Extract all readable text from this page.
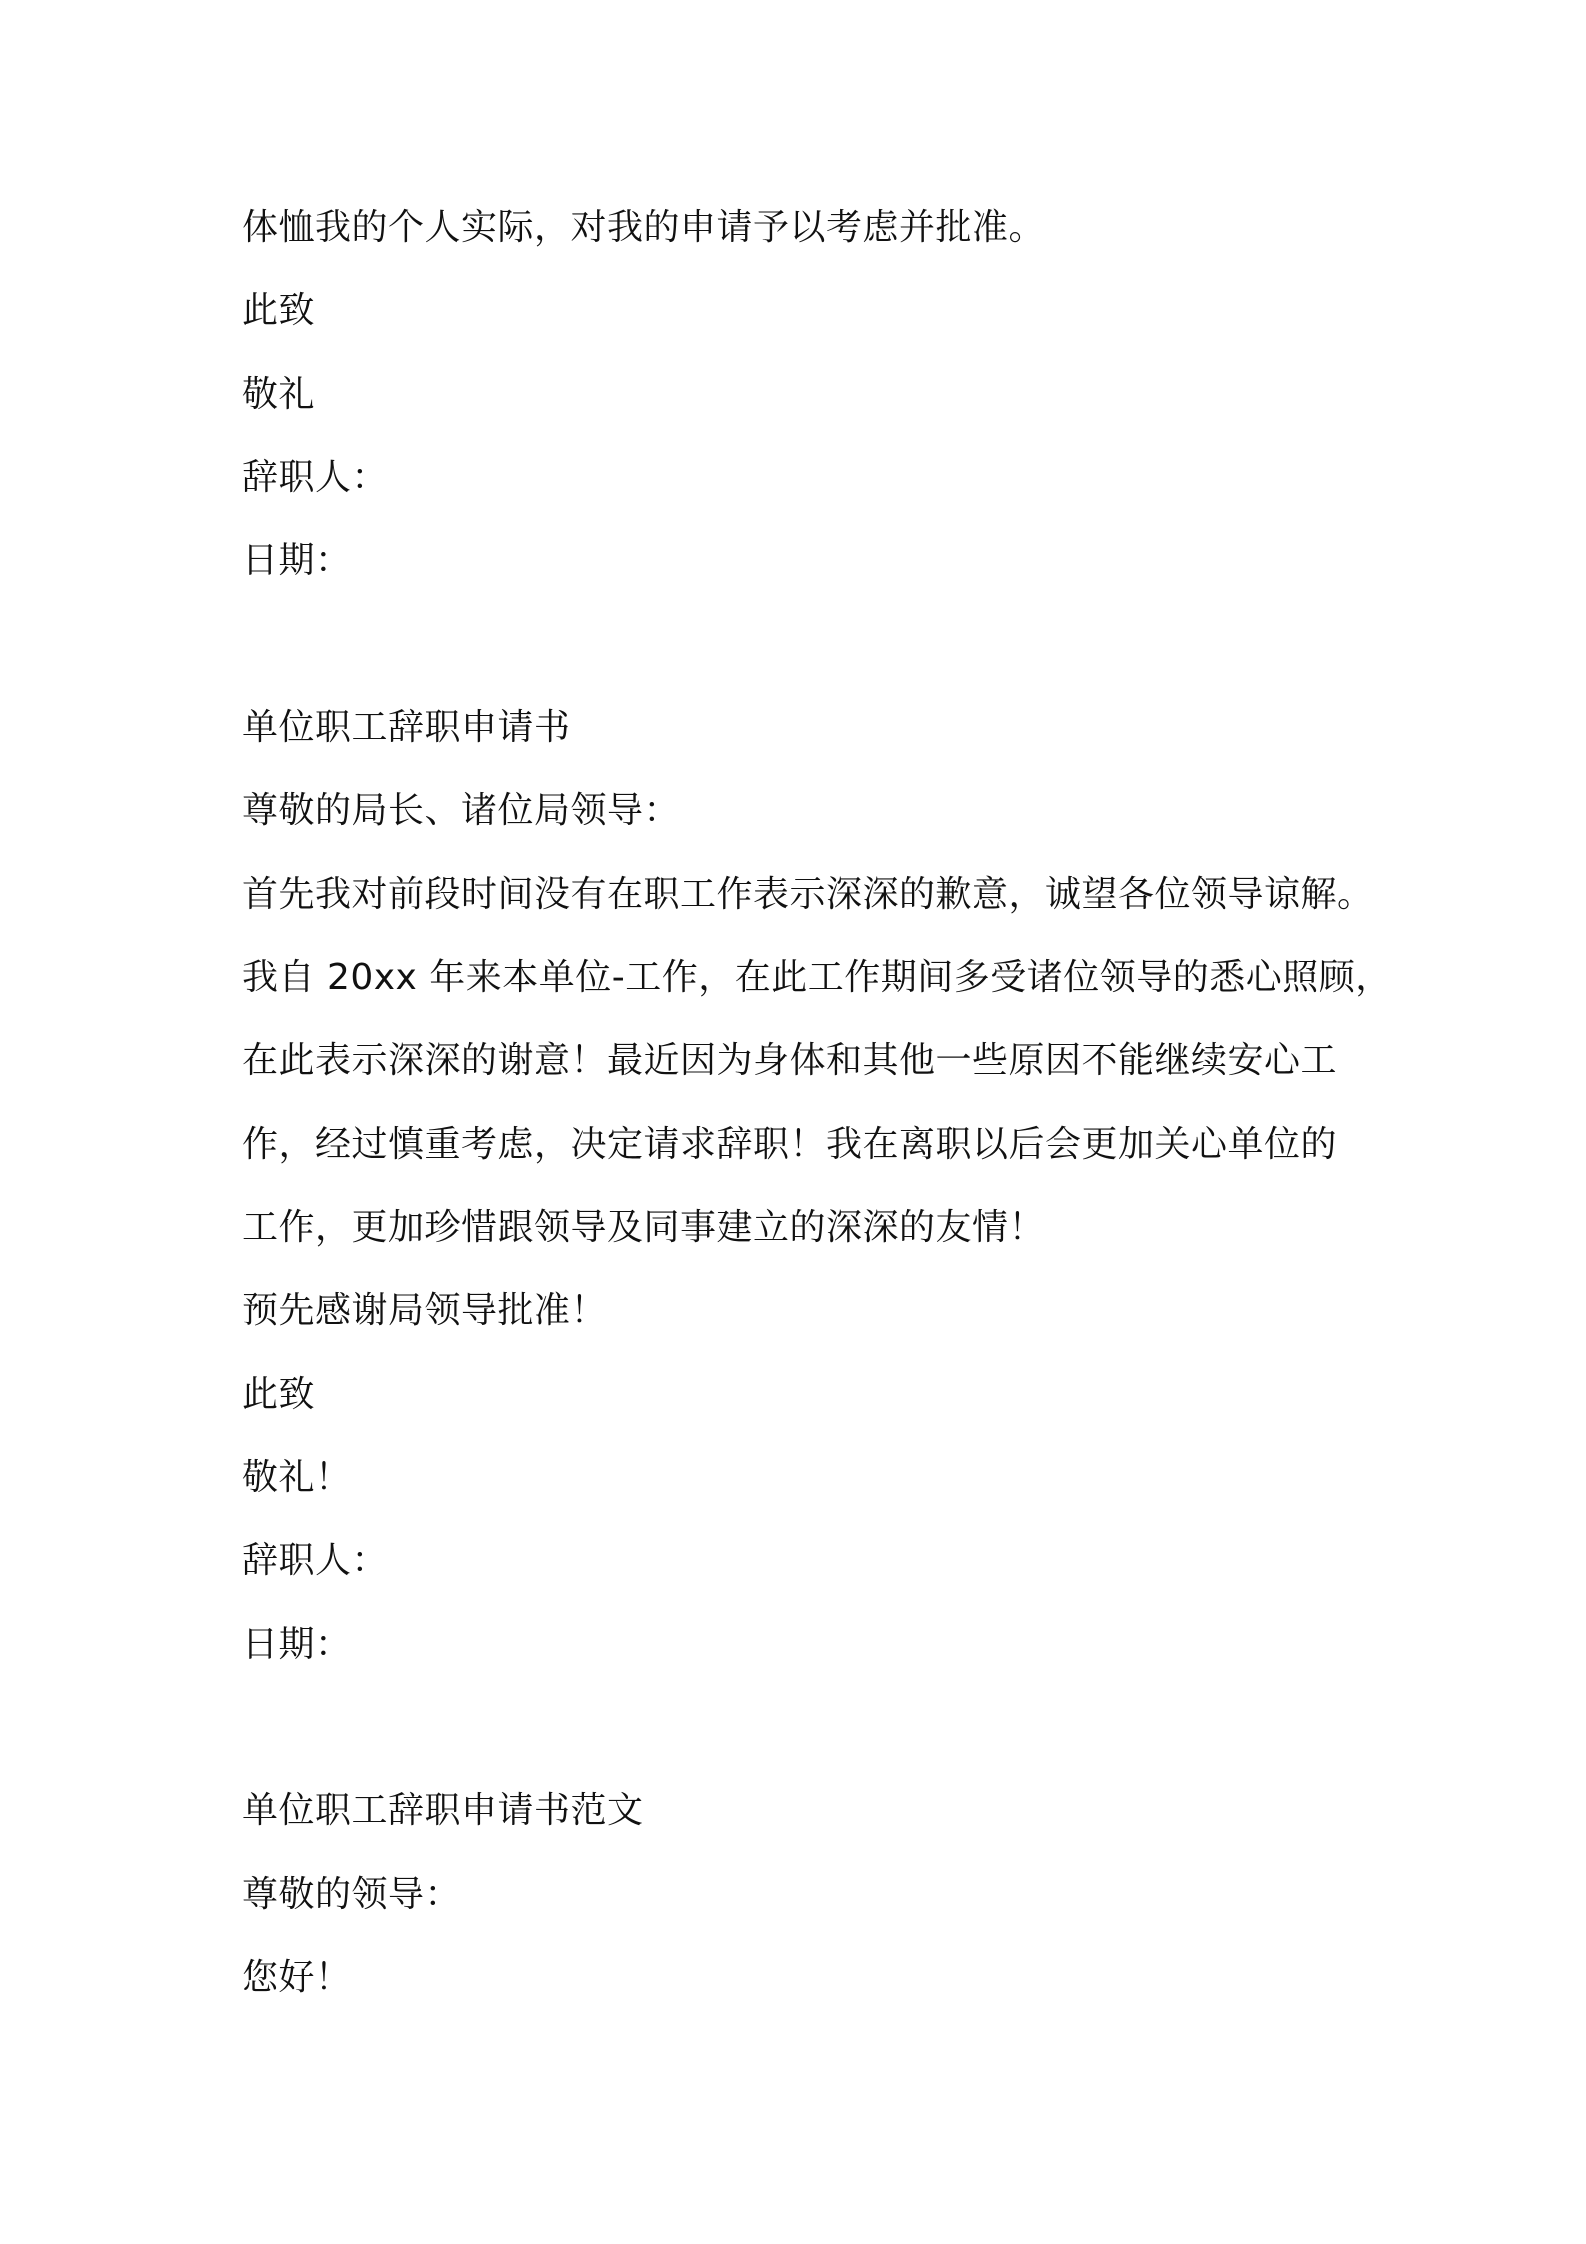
体恤我的个人实际，对我的申请予以考虑并批准。
此致
敬礼
辞职人：
日期：
单位职工辞职申请书
尊敬的局长、诸位局领导：
首先我对前段时间没有在职工作表示深深的歉意，诚望各位领导谅解。
我自 20xx 年来本单位-工作，在此工作期间多受诸位领导的悉心照顾，
在此表示深深的谢意！最近因为身体和其他一些原因不能继续安心工
作，经过慎重考虑，决定请求辞职！我在离职以后会更加关心单位的
工作，更加珍惜跟领导及同事建立的深深的友情！
预先感谢局领导批准！
此致
敬礼！
辞职人：
日期：
单位职工辞职申请书范文
尊敬的领导：
您好！
